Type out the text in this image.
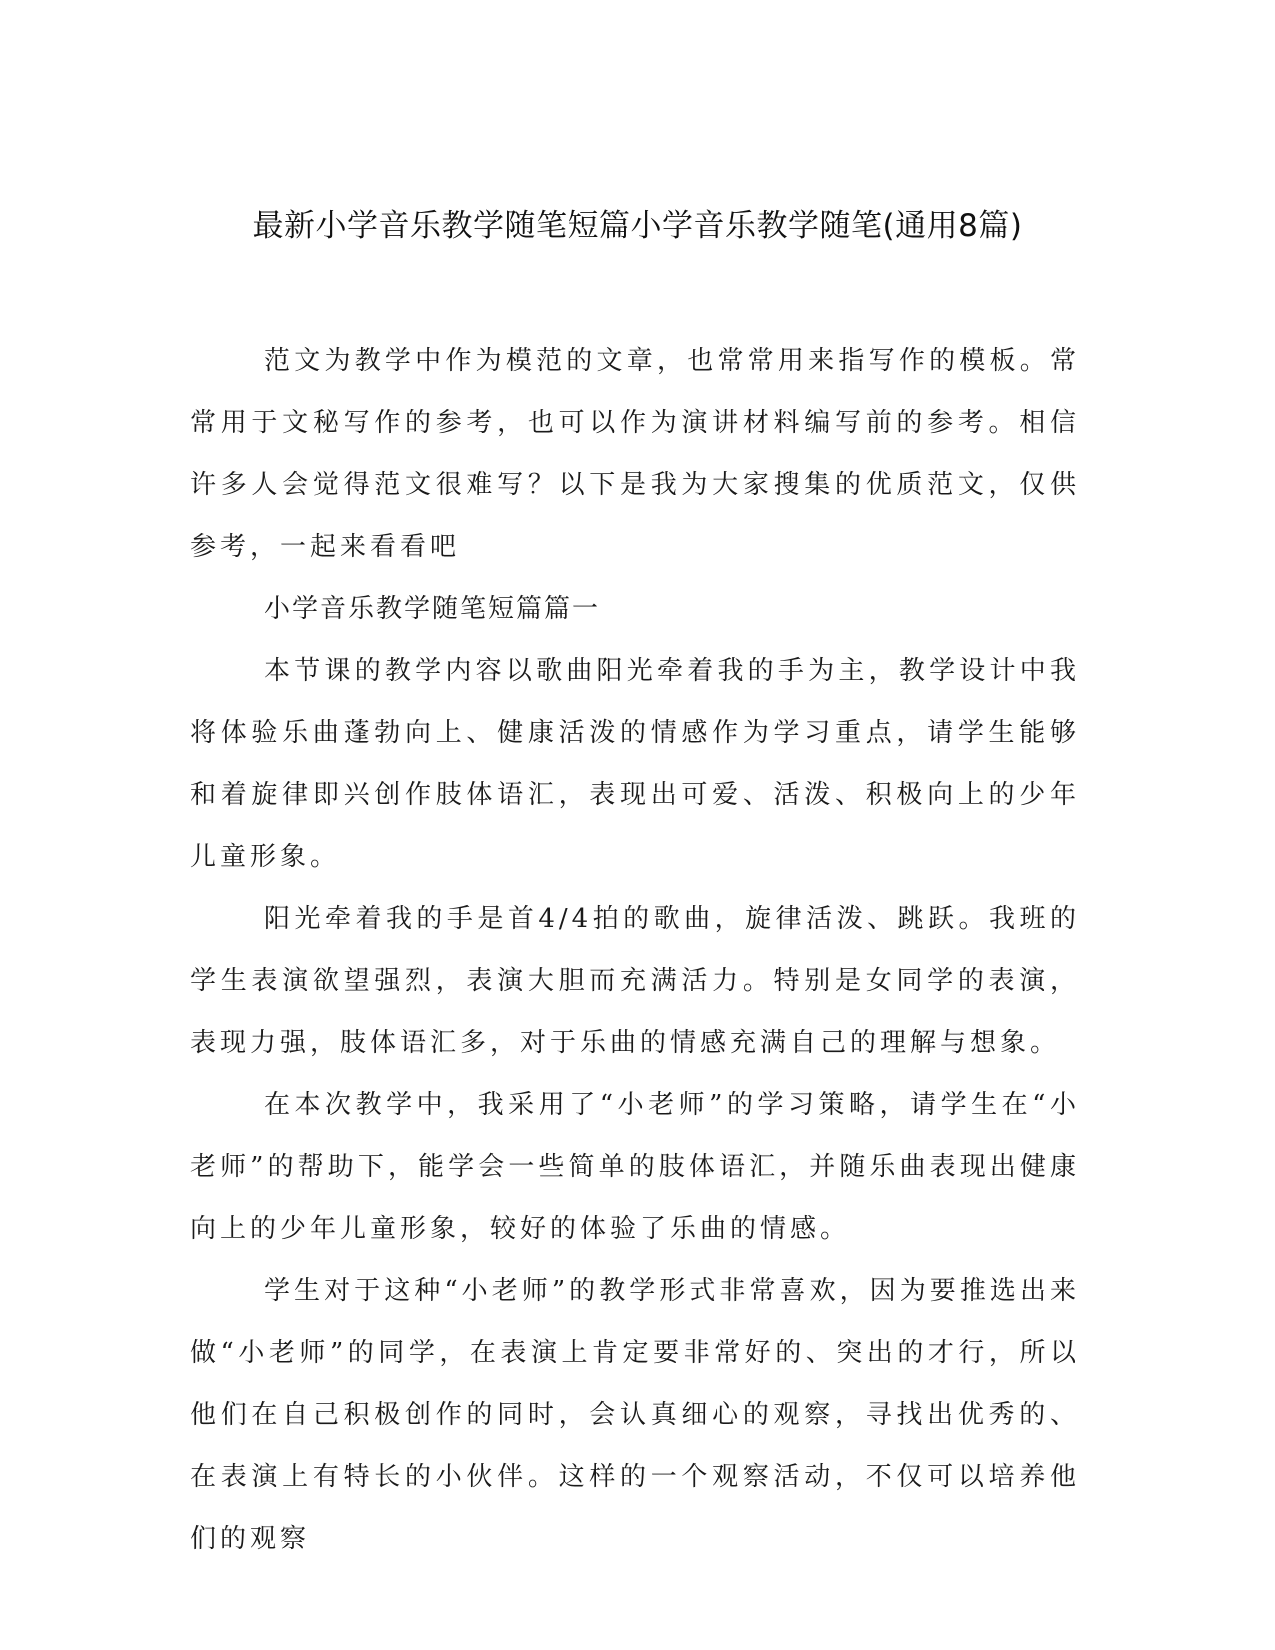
最新小学音乐教学随笔短篇小学音乐教学随笔(通用8篇)

范文为教学中作为模范的文章，也常常用来指写作的模板。常常用于文秘写作的参考，也可以作为演讲材料编写前的参考。相信许多人会觉得范文很难写？以下是我为大家搜集的优质范文，仅供参考，一起来看看吧

小学音乐教学随笔短篇篇一

本节课的教学内容以歌曲阳光牵着我的手为主，教学设计中我将体验乐曲蓬勃向上、健康活泼的情感作为学习重点，请学生能够和着旋律即兴创作肢体语汇，表现出可爱、活泼、积极向上的少年儿童形象。

阳光牵着我的手是首4/4拍的歌曲，旋律活泼、跳跃。我班的学生表演欲望强烈，表演大胆而充满活力。特别是女同学的表演，表现力强，肢体语汇多，对于乐曲的情感充满自己的理解与想象。

在本次教学中，我采用了“小老师”的学习策略，请学生在“小老师”的帮助下，能学会一些简单的肢体语汇，并随乐曲表现出健康向上的少年儿童形象，较好的体验了乐曲的情感。

学生对于这种“小老师”的教学形式非常喜欢，因为要推选出来做“小老师”的同学，在表演上肯定要非常好的、突出的才行，所以他们在自己积极创作的同时，会认真细心的观察，寻找出优秀的、在表演上有特长的小伙伴。这样的一个观察活动，不仅可以培养他们的观察
